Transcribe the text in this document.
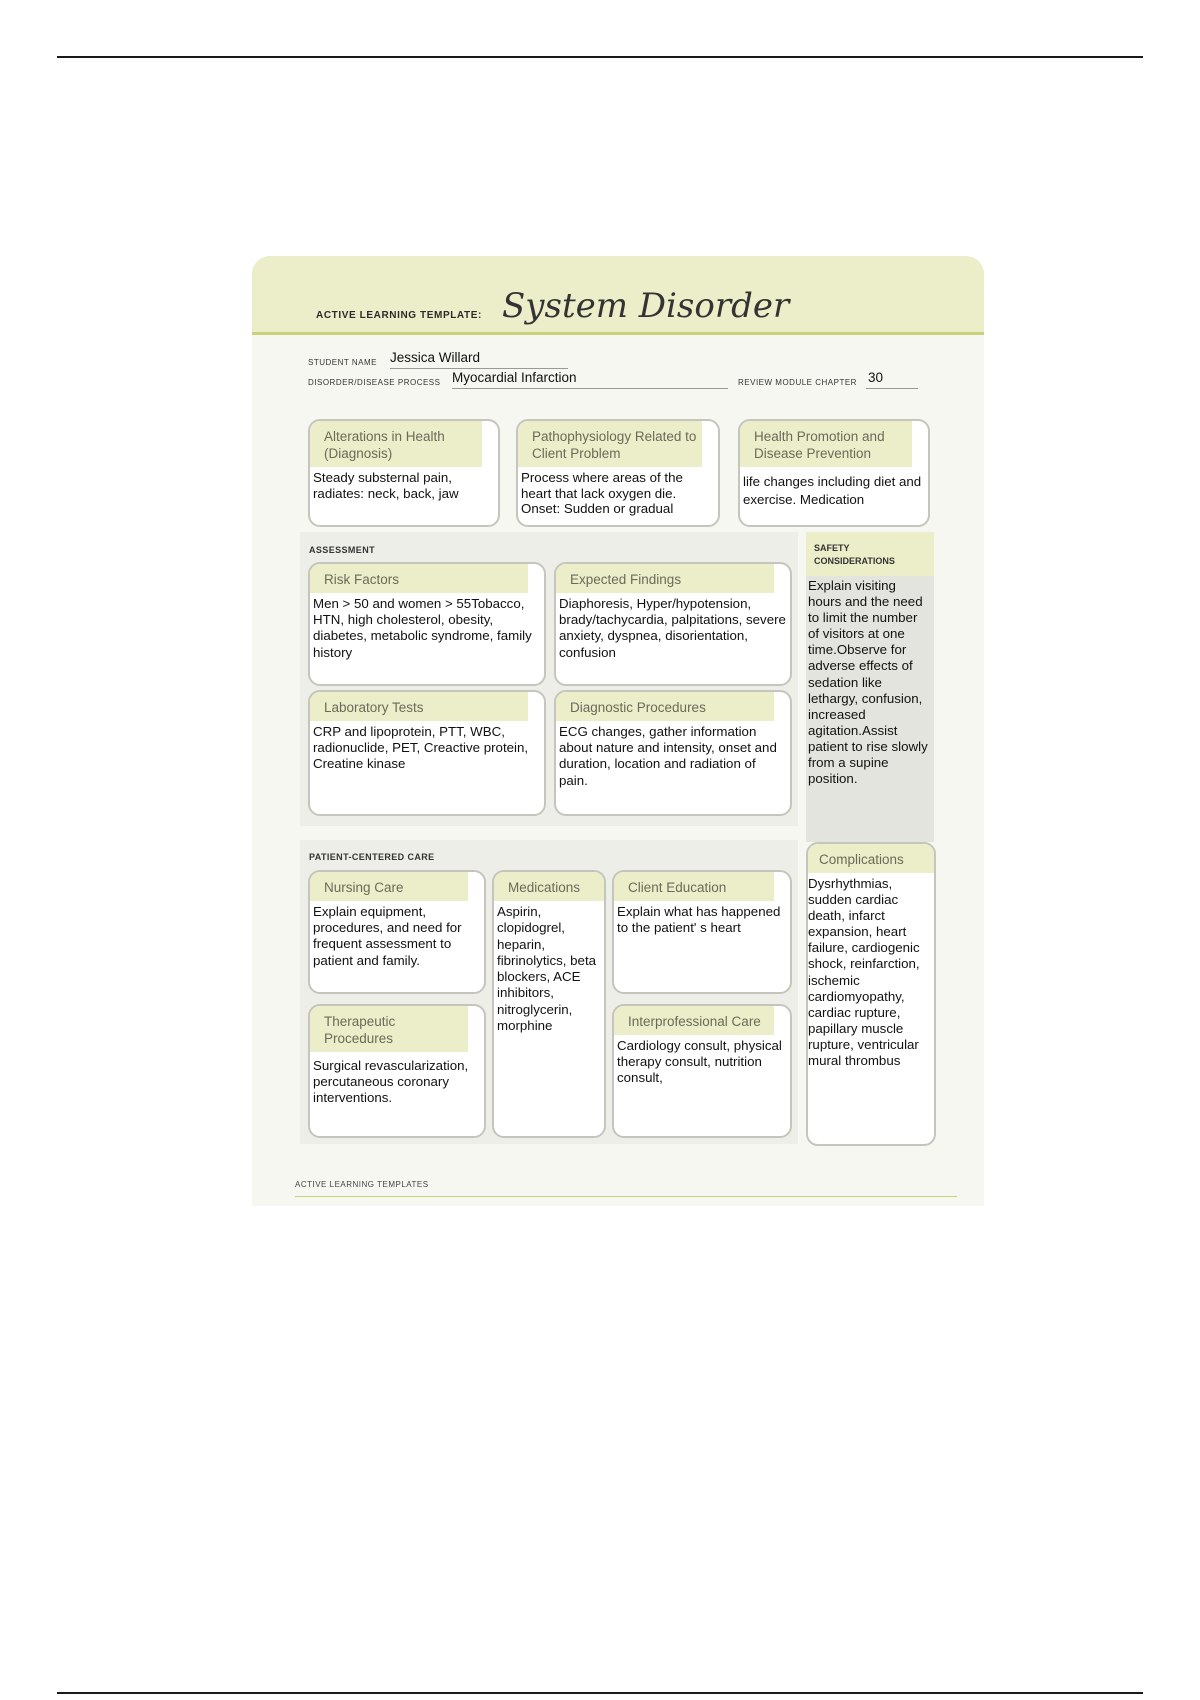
ACTIVE LEARNING TEMPLATE: System Disorder
STUDENT NAME Jessica Willard
DISORDER/DISEASE PROCESS Myocardial Infarction	REVIEW MODULE CHAPTER 30
Alterations in Health (Diagnosis)
Steady substernal pain, radiates: neck, back, jaw
Pathophysiology Related to Client Problem
Process where areas of the heart that lack oxygen die. Onset: Sudden or gradual
Health Promotion and Disease Prevention
life changes including diet and exercise. Medication
ASSESSMENT
Risk Factors
Men > 50 and women > 55Tobacco, HTN, high cholesterol, obesity, diabetes, metabolic syndrome, family history
Expected Findings
Diaphoresis, Hyper/hypotension, brady/tachycardia, palpitations, severe anxiety, dyspnea, disorientation, confusion
Laboratory Tests
CRP and lipoprotein, PTT, WBC, radionuclide, PET, Creactive protein, Creatine kinase
Diagnostic Procedures
ECG changes, gather information about nature and intensity, onset and duration, location and radiation of pain.
SAFETY CONSIDERATIONS
Explain visiting hours and the need to limit the number of visitors at one time.Observe for adverse effects of sedation like lethargy, confusion, increased agitation.Assist patient to rise slowly from a supine position.
PATIENT-CENTERED CARE
Nursing Care
Explain equipment, procedures, and need for frequent assessment to patient and family.
Medications
Aspirin, clopidogrel, heparin, fibrinolytics, beta blockers, ACE inhibitors, nitroglycerin, morphine
Client Education
Explain what has happened to the patient' s heart
Therapeutic Procedures
Surgical revascularization, percutaneous coronary interventions.
Interprofessional Care
Cardiology consult, physical therapy consult, nutrition consult,
Complications
Dysrhythmias, sudden cardiac death, infarct expansion, heart failure, cardiogenic shock, reinfarction, ischemic cardiomyopathy, cardiac rupture, papillary muscle rupture, ventricular mural thrombus
ACTIVE LEARNING TEMPLATES
